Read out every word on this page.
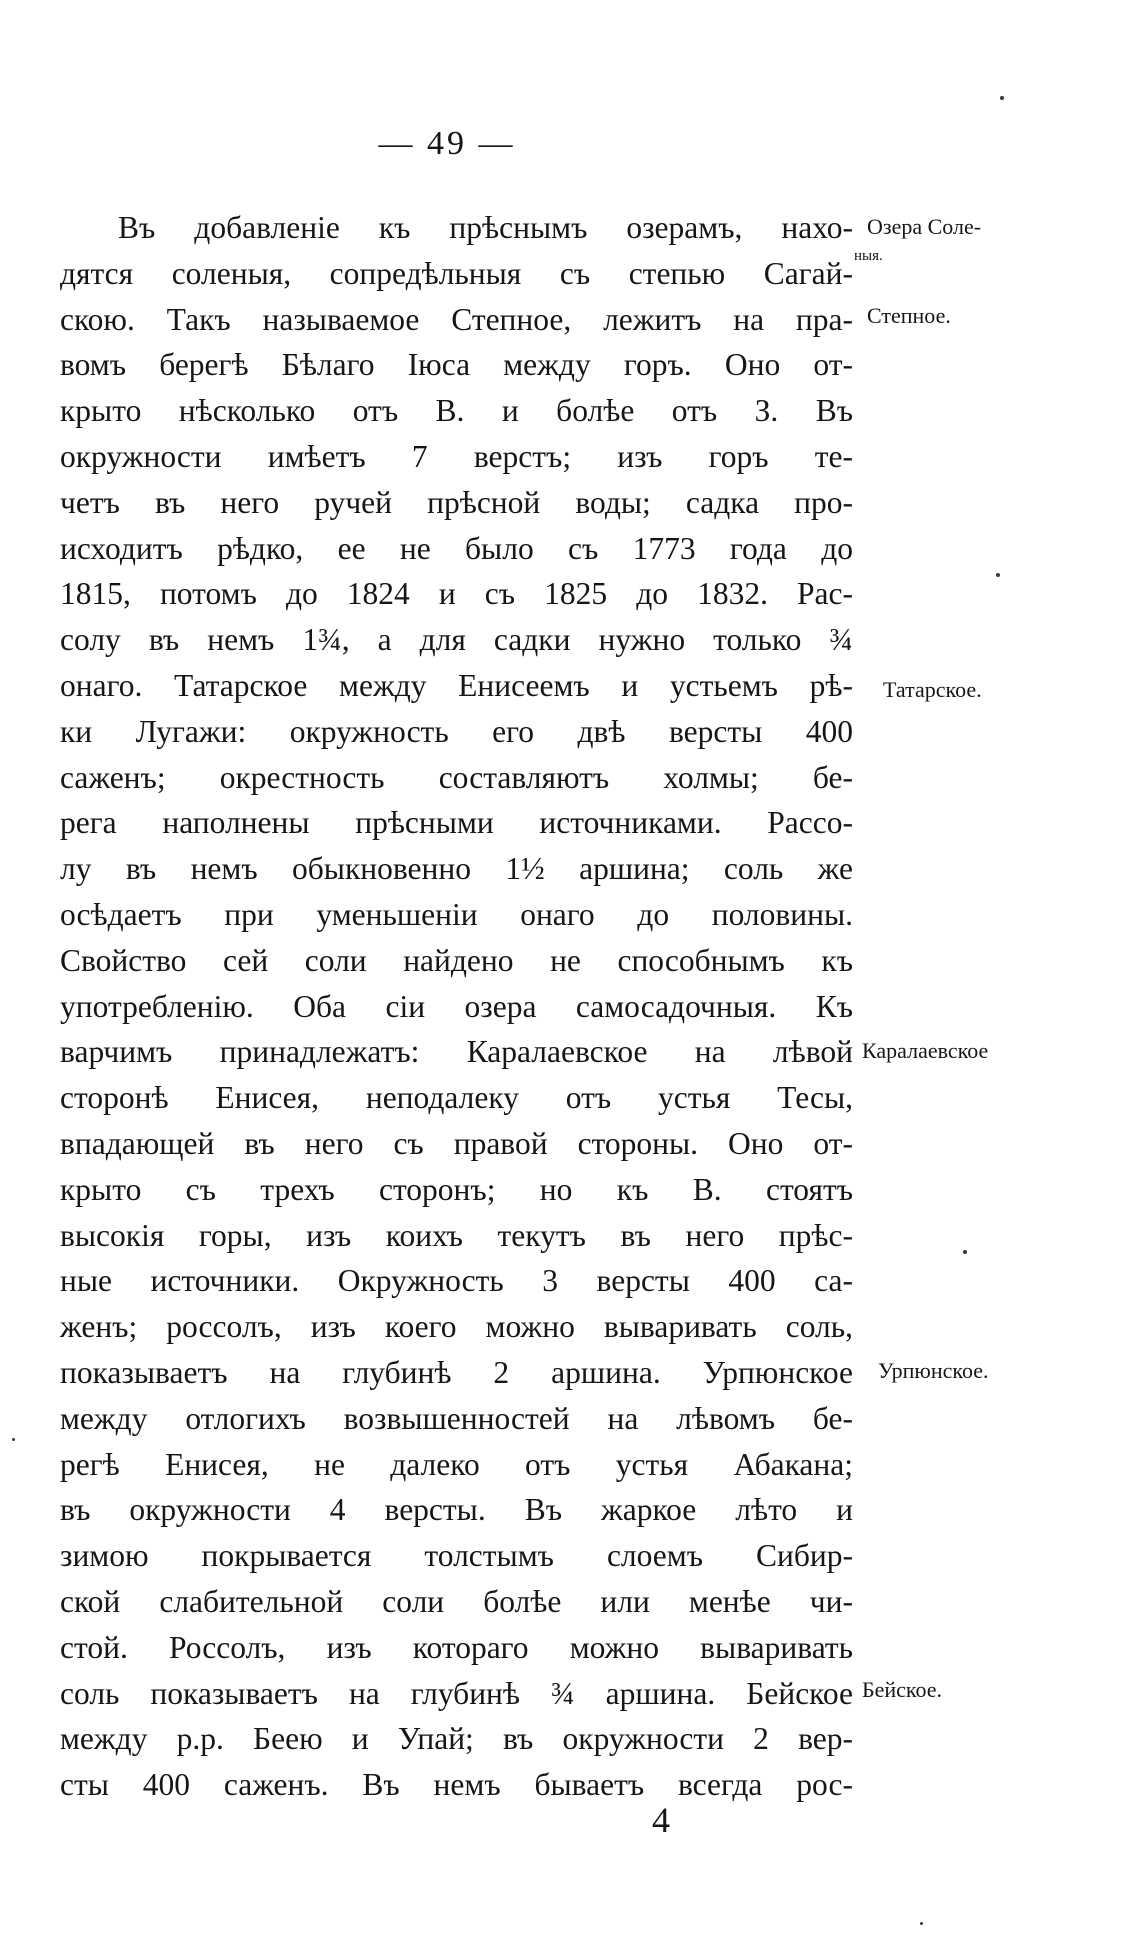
— 49 —
Въ добавленіе къ прѣснымъ озерамъ, нахо-
дятся соленыя, сопредѣльныя съ степью Сагай-
скою. Такъ называемое Степное, лежитъ на пра-
вомъ берегѣ Бѣлаго Іюса между горъ. Оно от-
крыто нѣсколько отъ В. и болѣе отъ З. Въ
окружности имѣетъ 7 верстъ; изъ горъ те-
четъ въ него ручей прѣсной воды; садка про-
исходитъ рѣдко, ее не было съ 1773 года до
1815, потомъ до 1824 и съ 1825 до 1832. Рас-
солу въ немъ 1¾, а для садки нужно только ¾
онаго. Татарское между Енисеемъ и устьемъ рѣ-
ки Лугажи: окружность его двѣ версты 400
саженъ; окрестность составляютъ холмы; бе-
рега наполнены прѣсными источниками. Рассо-
лу въ немъ обыкновенно 1½ аршина; соль же
осѣдаетъ при уменьшеніи онаго до половины.
Свойство сей соли найдено не способнымъ къ
употребленію. Оба сіи озера самосадочныя. Къ
варчимъ принадлежатъ: Каралаевское на лѣвой
сторонѣ Енисея, неподалеку отъ устья Тесы,
впадающей въ него съ правой стороны. Оно от-
крыто съ трехъ сторонъ; но къ В. стоятъ
высокія горы, изъ коихъ текутъ въ него прѣс-
ные источники. Окружность 3 версты 400 са-
женъ; россолъ, изъ коего можно вываривать соль,
показываетъ на глубинѣ 2 аршина. Урпюнское
между отлогихъ возвышенностей на лѣвомъ бе-
регѣ Енисея, не далеко отъ устья Абакана;
въ окружности 4 версты. Въ жаркое лѣто и
зимою покрывается толстымъ слоемъ Сибир-
ской слабительной соли болѣе или менѣе чи-
стой. Россолъ, изъ котораго можно вываривать
соль показываетъ на глубинѣ ¾ аршина. Бейское
между р.р. Беею и Упай; въ окружности 2 вер-
сты 400 саженъ. Въ немъ бываетъ всегда рос-
Озера Соле-
ныя.
Степное.
Татарское.
Каралаевское
Урпюнское.
Бейское.
4
